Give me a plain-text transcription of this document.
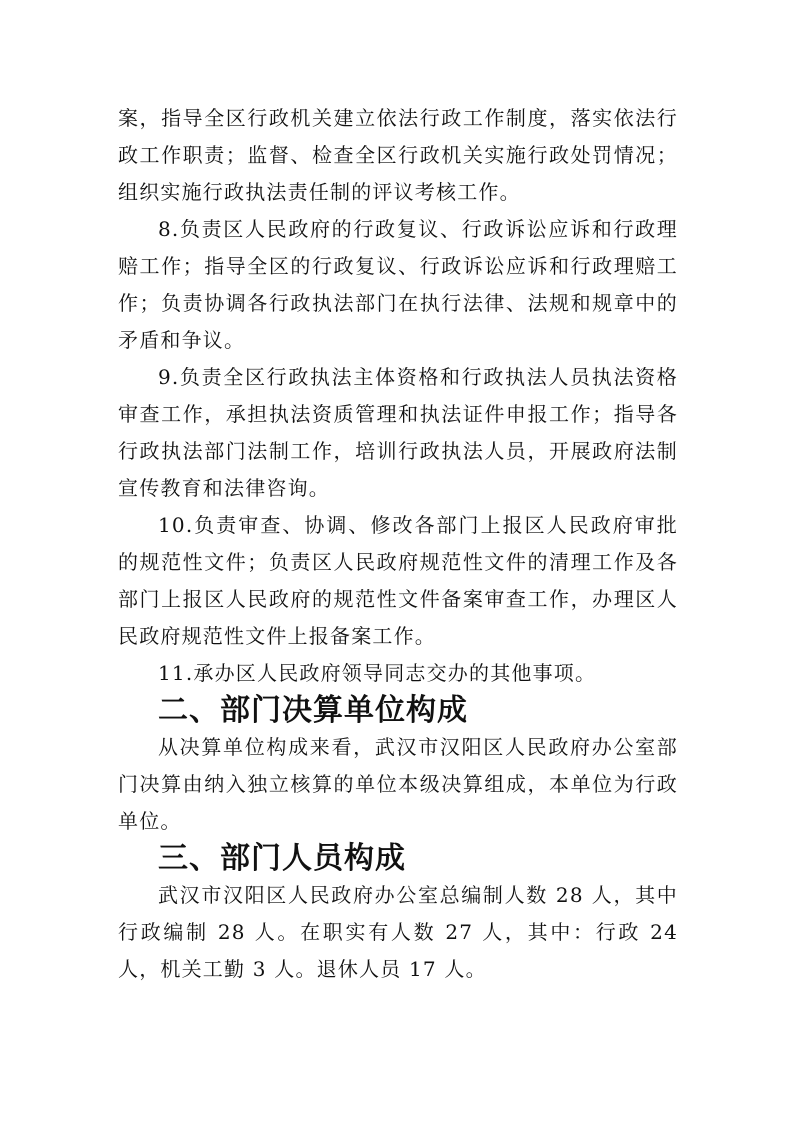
案，指导全区行政机关建立依法行政工作制度，落实依法行政工作职责；监督、检查全区行政机关实施行政处罚情况；组织实施行政执法责任制的评议考核工作。

8.负责区人民政府的行政复议、行政诉讼应诉和行政理赔工作；指导全区的行政复议、行政诉讼应诉和行政理赔工作；负责协调各行政执法部门在执行法律、法规和规章中的矛盾和争议。

9.负责全区行政执法主体资格和行政执法人员执法资格审查工作，承担执法资质管理和执法证件申报工作；指导各行政执法部门法制工作，培训行政执法人员，开展政府法制宣传教育和法律咨询。

10.负责审查、协调、修改各部门上报区人民政府审批的规范性文件；负责区人民政府规范性文件的清理工作及各部门上报区人民政府的规范性文件备案审查工作，办理区人民政府规范性文件上报备案工作。

11.承办区人民政府领导同志交办的其他事项。

二、部门决算单位构成

从决算单位构成来看，武汉市汉阳区人民政府办公室部门决算由纳入独立核算的单位本级决算组成，本单位为行政单位。

三、部门人员构成

武汉市汉阳区人民政府办公室总编制人数 28 人，其中行政编制 28 人。在职实有人数 27 人，其中：行政 24 人，机关工勤 3 人。退休人员 17 人。
